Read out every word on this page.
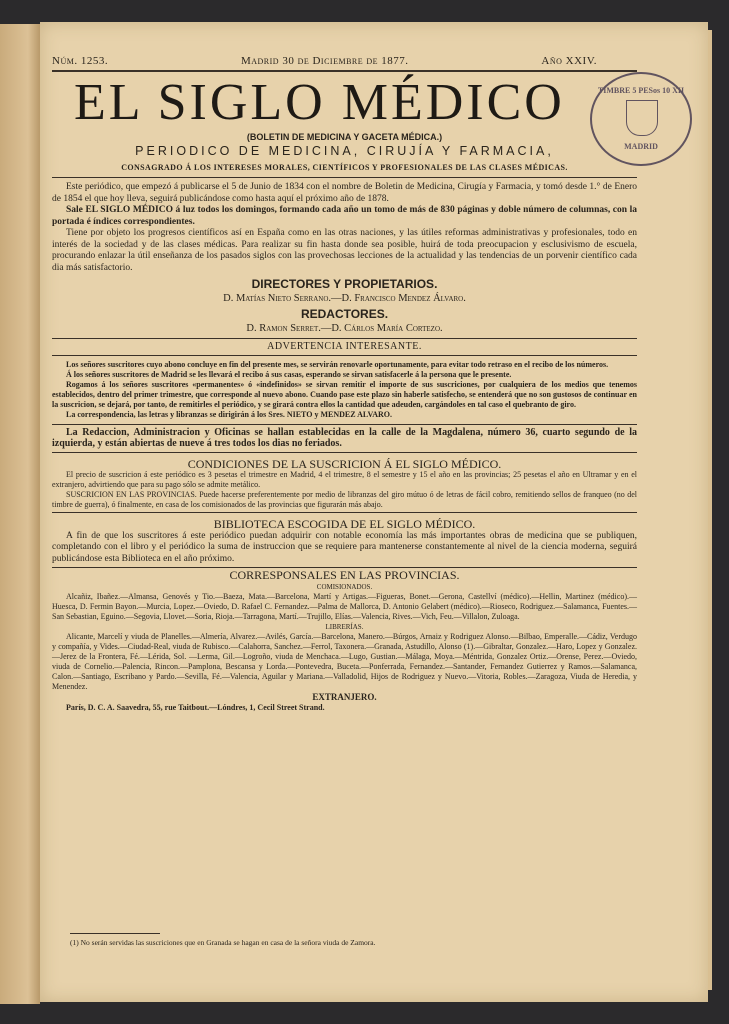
TIMBRE 5 PESos 10 XII
MADRID
Núm. 1253.	Madrid 30 de Diciembre de 1877.	Año XXIV.
EL SIGLO MÉDICO
(BOLETIN DE MEDICINA Y GACETA MÉDICA.)
PERIODICO DE MEDICINA, CIRUJÍA Y FARMACIA,
CONSAGRADO Á LOS INTERESES MORALES, CIENTÍFICOS Y PROFESIONALES DE LAS CLASES MÉDICAS.

Este periódico, que empezó á publicarse el 5 de Junio de 1834 con el nombre de Boletin de Medicina, Cirugía y Farmacia, y tomó desde 1.° de Enero de 1854 el que hoy lleva, seguirá publicándose como hasta aquí el próximo año de 1878.

Sale EL SIGLO MÉDICO á luz todos los domingos, formando cada año un tomo de más de 830 páginas y doble número de columnas, con la portada é índices correspondientes.

Tiene por objeto los progresos científicos así en España como en las otras naciones, y las útiles reformas administrativas y profesionales, todo en interés de la sociedad y de las clases médicas. Para realizar su fin hasta donde sea posible, huirá de toda preocupacion y esclusivismo de escuela, procurando enlazar la útil enseñanza de los pasados siglos con las provechosas lecciones de la actualidad y las tendencias de un porvenir científico cada dia más satisfactorio.

DIRECTORES Y PROPIETARIOS.
D. Matías Nieto Serrano.—D. Francisco Mendez Álvaro.
REDACTORES.
D. Ramon Serret.—D. Cárlos María Cortezo.
ADVERTENCIA INTERESANTE.

Los señores suscritores cuyo abono concluye en fin del presente mes, se servirán renovarle oportunamente, para evitar todo retraso en el recibo de los números.

Á los señores suscritores de Madrid se les llevará el recibo á sus casas, esperando se sirvan satisfacerle á la persona que le presente.

Rogamos á los señores suscritores «permanentes» ó «indefinidos» se sirvan remitir el importe de sus suscriciones, por cualquiera de los medios que tenemos establecidos, dentro del primer trimestre, que corresponde al nuevo abono. Cuando pase este plazo sin haberle satisfecho, se entenderá que no son gustosos de continuar en la suscricion, se dejará, por tanto, de remitirles el periódico, y se girará contra ellos la cantidad que adeuden, cargándoles en tal caso el quebranto de giro.

La correspondencia, las letras y libranzas se dirigirán á los Sres. NIETO y MENDEZ ALVARO.

La Redaccion, Administracion y Oficinas se hallan establecidas en la calle de la Magdalena, número 36, cuarto segundo de la izquierda, y están abiertas de nueve á tres todos los dias no feriados.

CONDICIONES DE LA SUSCRICION Á EL SIGLO MÉDICO.

El precio de suscricion á este periódico es 3 pesetas el trimestre en Madrid, 4 el trimestre, 8 el semestre y 15 el año en las provincias; 25 pesetas el año en Ultramar y en el extranjero, advirtiendo que para su pago sólo se admite metálico.

SUSCRICION EN LAS PROVINCIAS. Puede hacerse preferentemente por medio de libranzas del giro mútuo ó de letras de fácil cobro, remitiendo sellos de franqueo (no del timbre de guerra), ó finalmente, en casa de los comisionados de las provincias que figurarán más abajo.

BIBLIOTECA ESCOGIDA DE EL SIGLO MÉDICO.

A fin de que los suscritores á este periódico puedan adquirir con notable economía las más importantes obras de medicina que se publiquen, completando con el libro y el periódico la suma de instruccion que se requiere para mantenerse constantemente al nivel de la ciencia moderna, seguirá publicándose esta Biblioteca en el año próximo.

CORRESPONSALES EN LAS PROVINCIAS.
COMISIONADOS.

Alcañiz, Ibañez.—Almansa, Genovés y Tio.—Baeza, Mata.—Barcelona, Martí y Artigas.—Figueras, Bonet.—Gerona, Castellví (médico).—Hellin, Martinez (médico).—Huesca, D. Fermin Bayon.—Murcia, Lopez.—Oviedo, D. Rafael C. Fernandez.—Palma de Mallorca, D. Antonio Gelabert (médico).—Rioseco, Rodriguez.—Salamanca, Fuentes.—San Sebastian, Eguino.—Segovia, Llovet.—Soria, Rioja.—Tarragona, Martí.—Trujillo, Elías.—Valencia, Rives.—Vich, Feu.—Villalon, Zuloaga.

LIBRERÍAS.

Alicante, Marcelí y viuda de Planelles.—Almería, Alvarez.—Avilés, García.—Barcelona, Manero.—Búrgos, Arnaiz y Rodriguez Alonso.—Bilbao, Emperalle.—Cádiz, Verdugo y compañía, y Vides.—Ciudad-Real, viuda de Rubisco.—Calahorra, Sanchez.—Ferrol, Taxonera.—Granada, Astudillo, Alonso (1).—Gibraltar, Gonzalez.—Haro, Lopez y Gonzalez.—Jerez de la Frontera, Fé.—Lérida, Sol. —Lerma, Gil.—Logroño, viuda de Menchaca.—Lugo, Gustian.—Málaga, Moya.—Méntrida, Gonzalez Ortiz.—Orense, Perez.—Oviedo, viuda de Cornelio.—Palencia, Rincon.—Pamplona, Bescansa y Lorda.—Pontevedra, Buceta.—Ponferrada, Fernandez.—Santander, Fernandez Gutierrez y Ramos.—Salamanca, Calon.—Santiago, Escribano y Pardo.—Sevilla, Fé.—Valencia, Aguilar y Mariana.—Valladolid, Hijos de Rodriguez y Nuevo.—Vitoria, Robles.—Zaragoza, Viuda de Heredia, y Menendez.

EXTRANJERO.

París, D. C. A. Saavedra, 55, rue Taitbout.—Lóndres, 1, Cecil Street Strand.

(1) No serán servidas las suscriciones que en Granada se hagan en casa de la señora viuda de Zamora.
